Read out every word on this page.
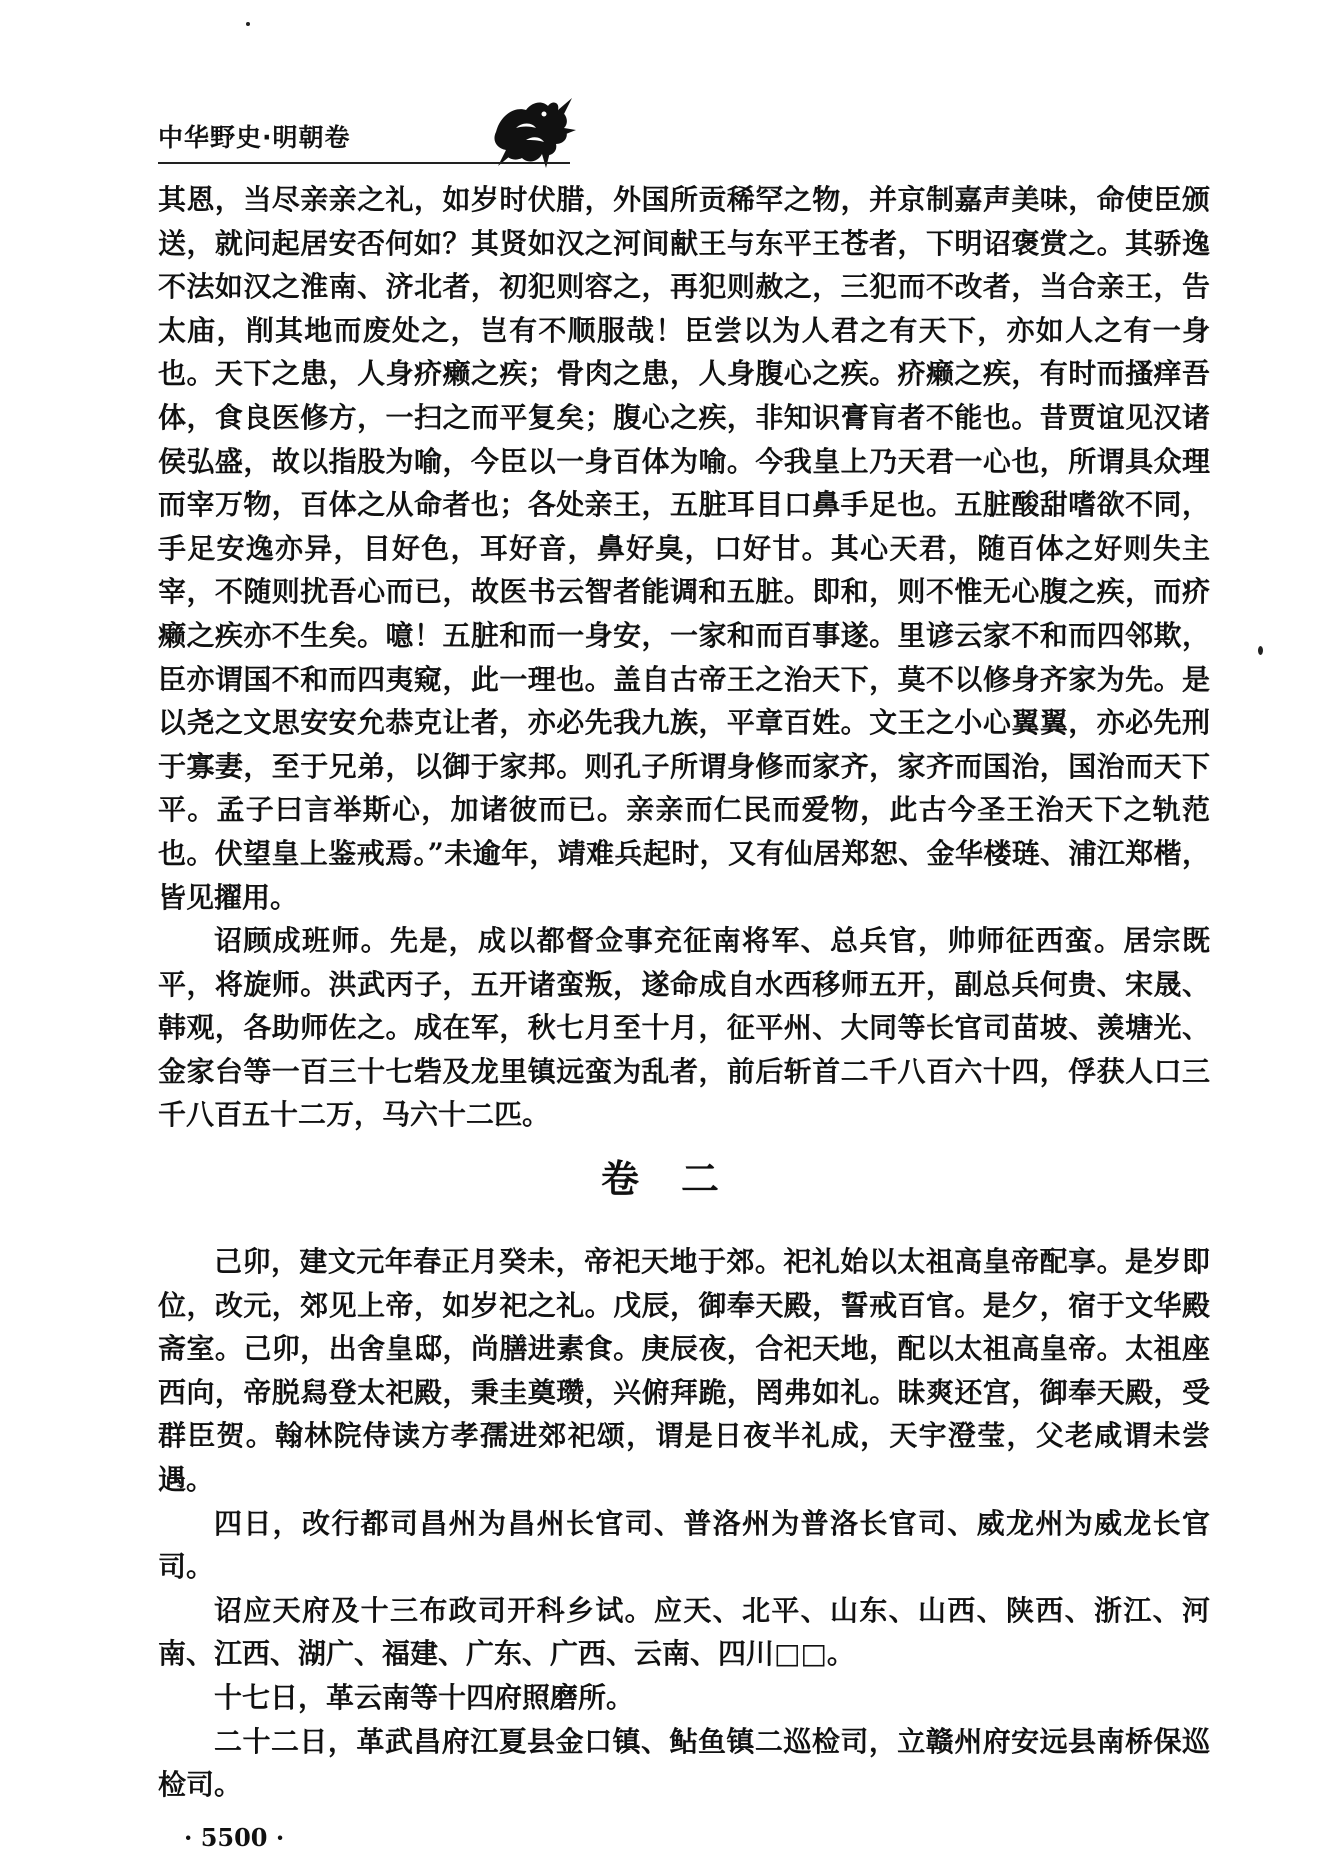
中华野史·明朝卷

其恩，当尽亲亲之礼，如岁时伏腊，外国所贡稀罕之物，并京制嘉声美味，命使臣颁送，就问起居安否何如？其贤如汉之河间献王与东平王苍者，下明诏褒赏之。其骄逸不法如汉之淮南、济北者，初犯则容之，再犯则赦之，三犯而不改者，当合亲王，告太庙，削其地而废处之，岂有不顺服哉！臣尝以为人君之有天下，亦如人之有一身也。天下之患，人身疥癞之疾；骨肉之患，人身腹心之疾。疥癞之疾，有时而搔痒吾体，食良医修方，一扫之而平复矣；腹心之疾，非知识膏肓者不能也。昔贾谊见汉诸侯弘盛，故以指股为喻，今臣以一身百体为喻。今我皇上乃天君一心也，所谓具众理而宰万物，百体之从命者也；各处亲王，五脏耳目口鼻手足也。五脏酸甜嗜欲不同，手足安逸亦异，目好色，耳好音，鼻好臭，口好甘。其心天君，随百体之好则失主宰，不随则扰吾心而已，故医书云智者能调和五脏。即和，则不惟无心腹之疾，而疥癞之疾亦不生矣。噫！五脏和而一身安，一家和而百事遂。里谚云家不和而四邻欺，臣亦谓国不和而四夷窥，此一理也。盖自古帝王之治天下，莫不以修身齐家为先。是以尧之文思安安允恭克让者，亦必先我九族，平章百姓。文王之小心翼翼，亦必先刑于寡妻，至于兄弟，以御于家邦。则孔子所谓身修而家齐，家齐而国治，国治而天下平。孟子曰言举斯心，加诸彼而已。亲亲而仁民而爱物，此古今圣王治天下之轨范也。伏望皇上鉴戒焉。”未逾年，靖难兵起时，又有仙居郑恕、金华楼琏、浦江郑楷，皆见擢用。

诏顾成班师。先是，成以都督佥事充征南将军、总兵官，帅师征西蛮。居宗既平，将旋师。洪武丙子，五开诸蛮叛，遂命成自水西移师五开，副总兵何贵、宋晟、韩观，各助师佐之。成在军，秋七月至十月，征平州、大同等长官司苗坡、羡塘光、金家台等一百三十七砦及龙里镇远蛮为乱者，前后斩首二千八百六十四，俘获人口三千八百五十二万，马六十二匹。

卷　二

己卯，建文元年春正月癸未，帝祀天地于郊。祀礼始以太祖高皇帝配享。是岁即位，改元，郊见上帝，如岁祀之礼。戊辰，御奉天殿，誓戒百官。是夕，宿于文华殿斋室。己卯，出舍皇邸，尚膳进素食。庚辰夜，合祀天地，配以太祖高皇帝。太祖座西向，帝脱舄登太祀殿，秉圭奠瓒，兴俯拜跪，罔弗如礼。昧爽还宫，御奉天殿，受群臣贺。翰林院侍读方孝孺进郊祀颂，谓是日夜半礼成，天宇澄莹，父老咸谓未尝遇。

四日，改行都司昌州为昌州长官司、普洛州为普洛长官司、威龙州为威龙长官司。

诏应天府及十三布政司开科乡试。应天、北平、山东、山西、陕西、浙江、河南、江西、湖广、福建、广东、广西、云南、四川□□。

十七日，革云南等十四府照磨所。

二十二日，革武昌府江夏县金口镇、鲇鱼镇二巡检司，立赣州府安远县南桥保巡检司。

· 5500 ·
